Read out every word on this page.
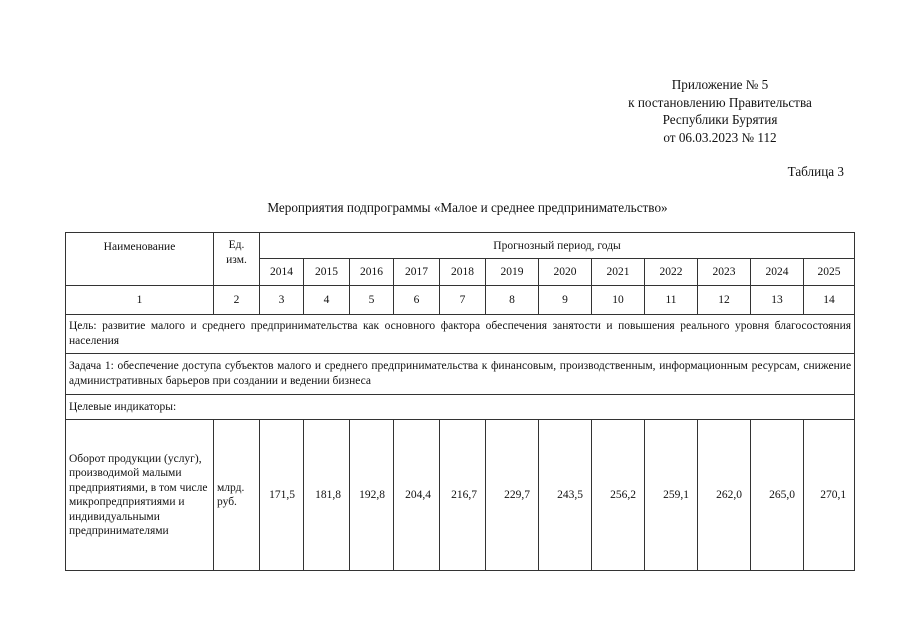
Приложение № 5
к постановлению Правительства
Республики Бурятия
от 06.03.2023 № 112
Таблица 3
Мероприятия подпрограммы «Малое и среднее предпринимательство»
Наименование	Ед. изм.	Прогнозный период, годы											
		2014	2015	2016	2017	2018	2019	2020	2021	2022	2023	2024	2025
1	2	3	4	5	6	7	8	9	10	11	12	13	14
Цель: развитие малого и среднего предпринимательства как основного фактора обеспечения занятости и повышения реального уровня благосостояния населения													
Задача 1: обеспечение доступа субъектов малого и среднего предпринимательства к финансовым, производственным, информационным ресурсам, снижение административных барьеров при создании и ведении бизнеса													
Целевые индикаторы:													
Оборот продукции (услуг), производимой малыми предприятиями, в том числе микропредприятиями и индивидуальными предпринимателями	млрд. руб.	171,5	181,8	192,8	204,4	216,7	229,7	243,5	256,2	259,1	262,0	265,0	270,1
